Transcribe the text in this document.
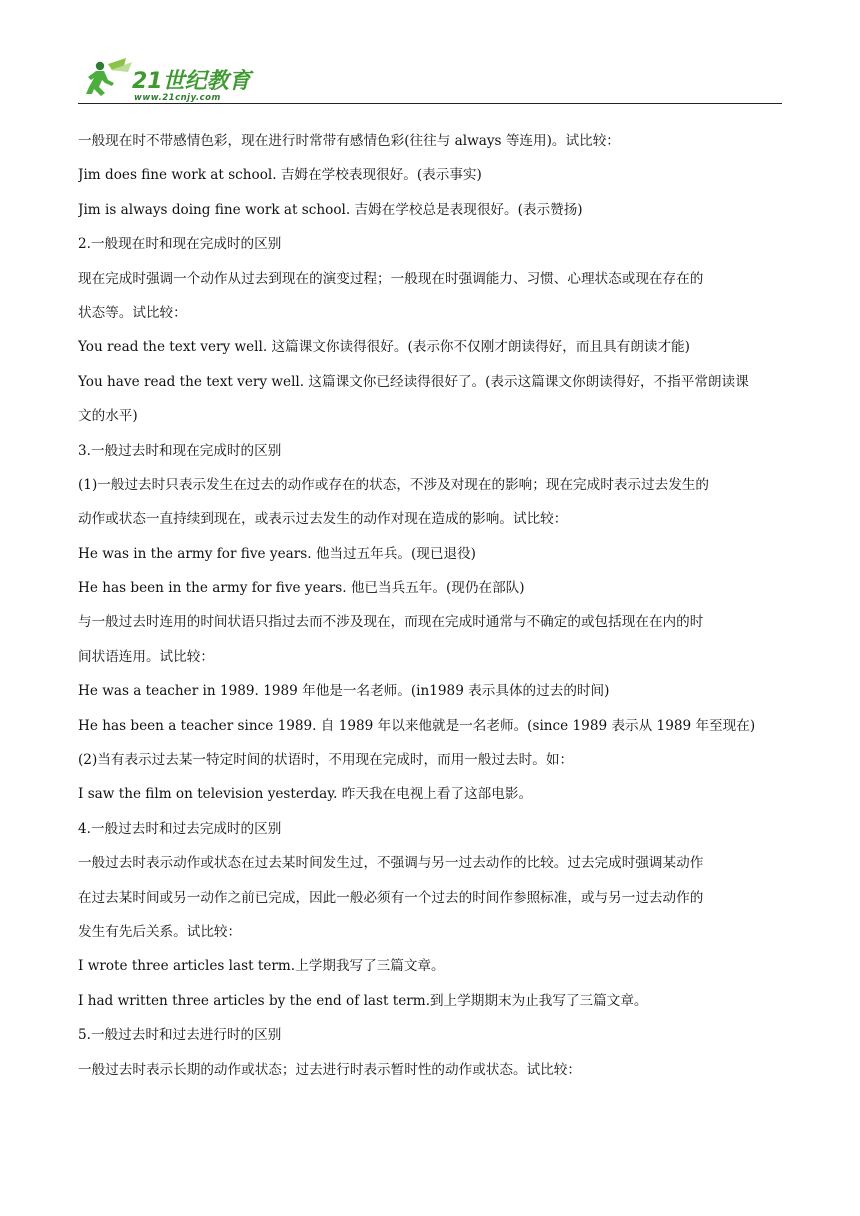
21世纪教育
www.21cnjy.com
一般现在时不带感情色彩，现在进行时常带有感情色彩(往往与 always 等连用)。试比较：
Jim does fine work at school. 吉姆在学校表现很好。(表示事实)
Jim is always doing fine work at school. 吉姆在学校总是表现很好。(表示赞扬)
2.一般现在时和现在完成时的区别
现在完成时强调一个动作从过去到现在的演变过程；一般现在时强调能力、习惯、心理状态或现在存在的
状态等。试比较：
You read the text very well. 这篇课文你读得很好。(表示你不仅刚才朗读得好，而且具有朗读才能)
You have read the text very well. 这篇课文你已经读得很好了。(表示这篇课文你朗读得好，不指平常朗读课
文的水平)
3.一般过去时和现在完成时的区别
(1)一般过去时只表示发生在过去的动作或存在的状态，不涉及对现在的影响；现在完成时表示过去发生的
动作或状态一直持续到现在，或表示过去发生的动作对现在造成的影响。试比较：
He was in the army for five years. 他当过五年兵。(现已退役)
He has been in the army for five years. 他已当兵五年。(现仍在部队)
与一般过去时连用的时间状语只指过去而不涉及现在，而现在完成时通常与不确定的或包括现在在内的时
间状语连用。试比较：
He was a teacher in 1989. 1989 年他是一名老师。(in1989 表示具体的过去的时间)
He has been a teacher since 1989. 自 1989 年以来他就是一名老师。(since 1989 表示从 1989 年至现在)
(2)当有表示过去某一特定时间的状语时，不用现在完成时，而用一般过去时。如：
I saw the film on television yesterday. 昨天我在电视上看了这部电影。
4.一般过去时和过去完成时的区别
一般过去时表示动作或状态在过去某时间发生过，不强调与另一过去动作的比较。过去完成时强调某动作
在过去某时间或另一动作之前已完成，因此一般必须有一个过去的时间作参照标准，或与另一过去动作的
发生有先后关系。试比较：
I wrote three articles last term.上学期我写了三篇文章。
I had written three articles by the end of last term.到上学期期末为止我写了三篇文章。
5.一般过去时和过去进行时的区别
一般过去时表示长期的动作或状态；过去进行时表示暂时性的动作或状态。试比较：
